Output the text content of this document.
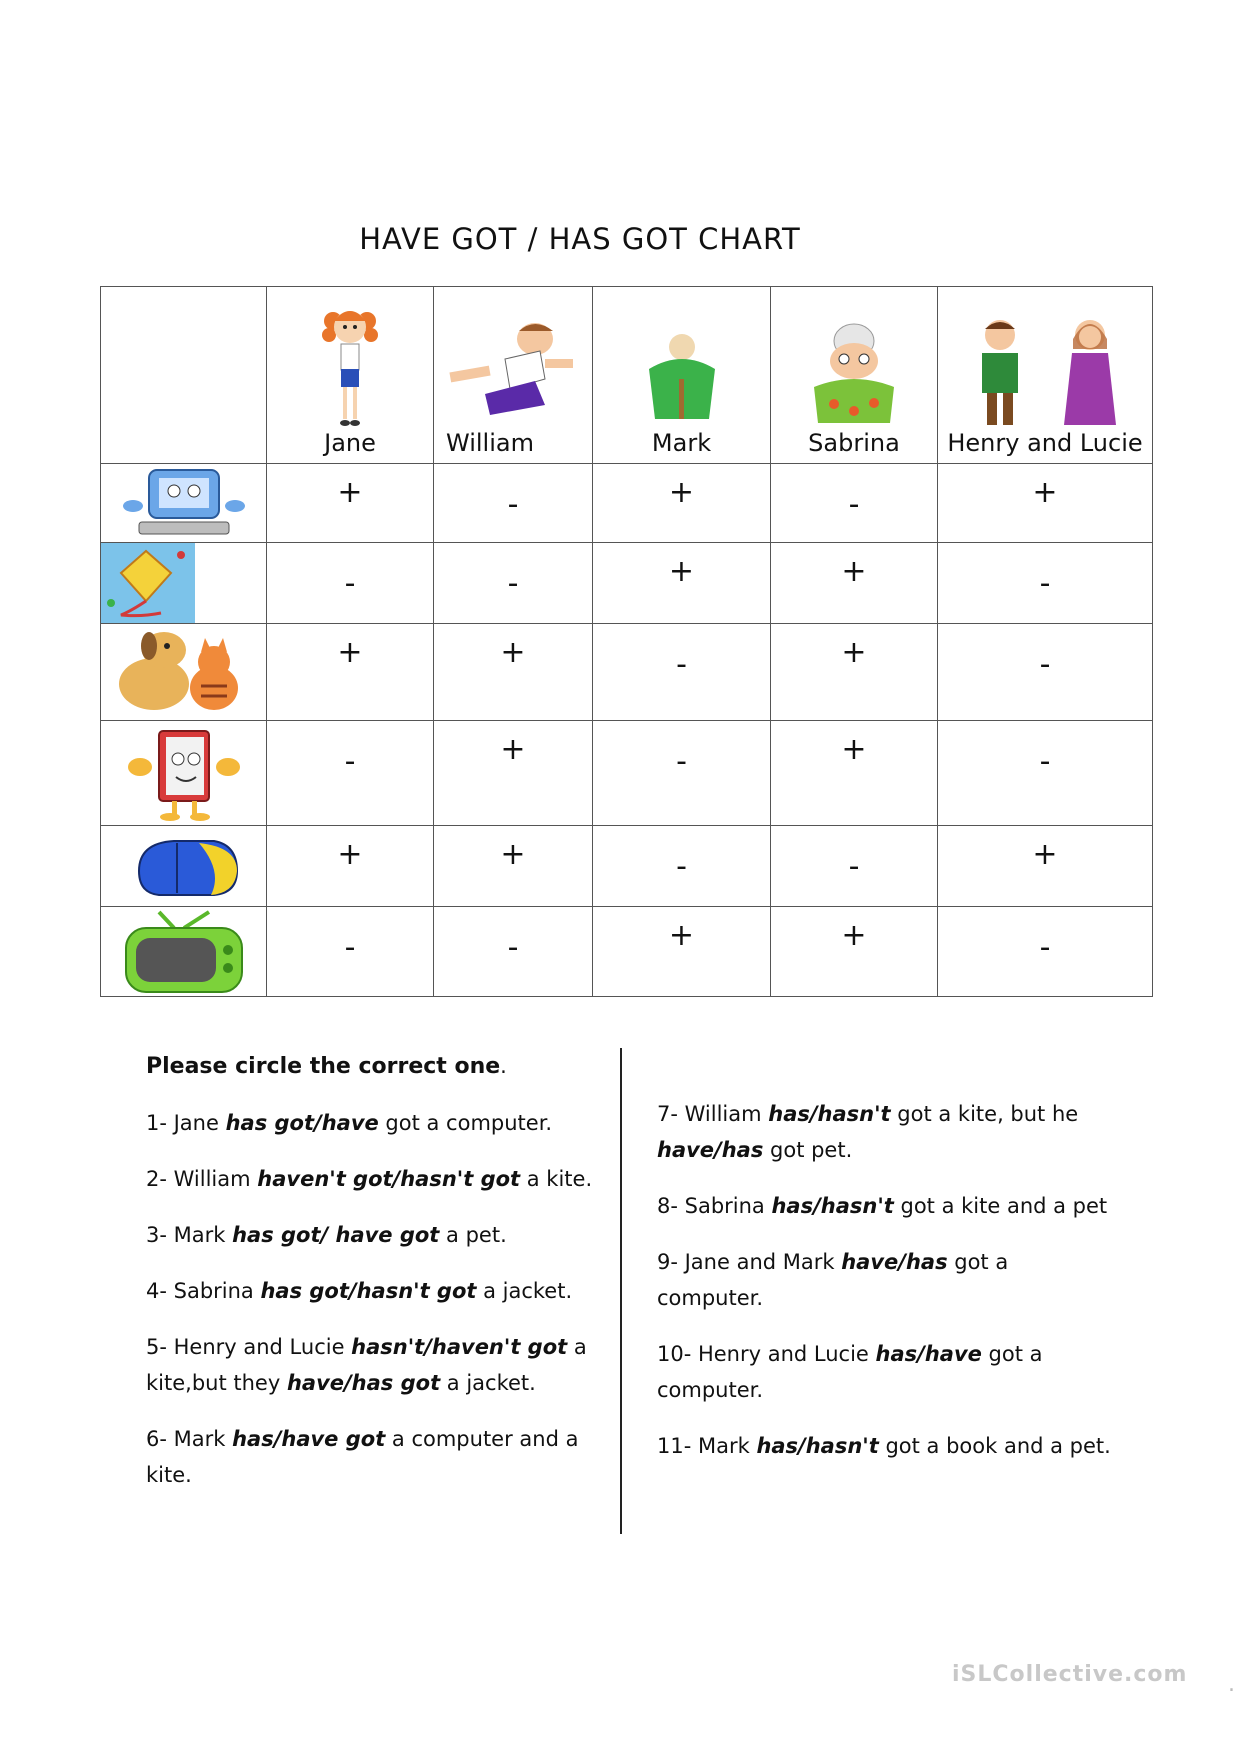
HAVE GOT / HAS GOT CHART

	Jane	William	Mark	Sabrina	Henry and Lucie

+	-	+	-	+

-	-	+	+	-

+	+	-	+	-

-	+	-	+	-

+	+	-	-	+

-	-	+	+	-
Please circle the correct one.
1- Jane has got/have got a computer.
2- William haven't got/hasn't got a kite.
3- Mark has got/ have got a pet.
4- Sabrina has got/hasn't got a jacket.
5- Henry and Lucie hasn't/haven't got a kite,but they have/has got a jacket.
6- Mark has/have got a computer and a kite.
7- William has/hasn't got a kite, but he have/has got pet.
8- Sabrina has/hasn't got a kite and a pet
9- Jane and Mark have/has got a computer.
10- Henry and Lucie has/have got a computer.
11- Mark has/hasn't got a book and a pet.
iSLCollective.com .
